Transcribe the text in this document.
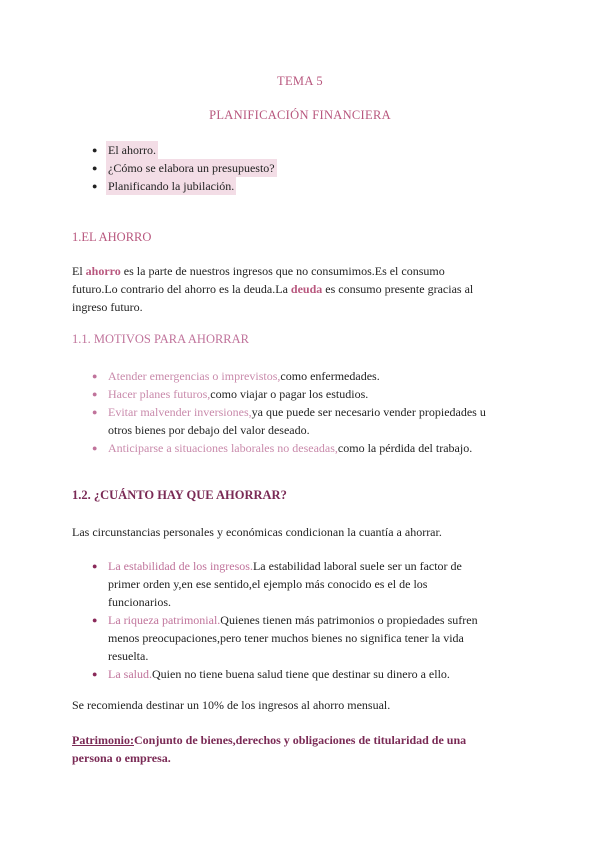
TEMA 5
PLANIFICACIÓN FINANCIERA
● El ahorro.
● ¿Cómo se elabora un presupuesto?
● Planificando la jubilación.
1.EL AHORRO
El ahorro es la parte de nuestros ingresos que no consumimos.Es el consumo
futuro.Lo contrario del ahorro es la deuda.La deuda es consumo presente gracias al
ingreso futuro.
1.1. MOTIVOS PARA AHORRAR
● Atender emergencias o imprevistos,como enfermedades.
● Hacer planes futuros,como viajar o pagar los estudios.
● Evitar malvender inversiones,ya que puede ser necesario vender propiedades u
otros bienes por debajo del valor deseado.
● Anticiparse a situaciones laborales no deseadas,como la pérdida del trabajo.
1.2. ¿CUÁNTO HAY QUE AHORRAR?
Las circunstancias personales y económicas condicionan la cuantía a ahorrar.
● La estabilidad de los ingresos.La estabilidad laboral suele ser un factor de
primer orden y,en ese sentido,el ejemplo más conocido es el de los
funcionarios.
● La riqueza patrimonial.Quienes tienen más patrimonios o propiedades sufren
menos preocupaciones,pero tener muchos bienes no significa tener la vida
resuelta.
● La salud.Quien no tiene buena salud tiene que destinar su dinero a ello.
Se recomienda destinar un 10% de los ingresos al ahorro mensual.
Patrimonio:Conjunto de bienes,derechos y obligaciones de titularidad de una
persona o empresa.
